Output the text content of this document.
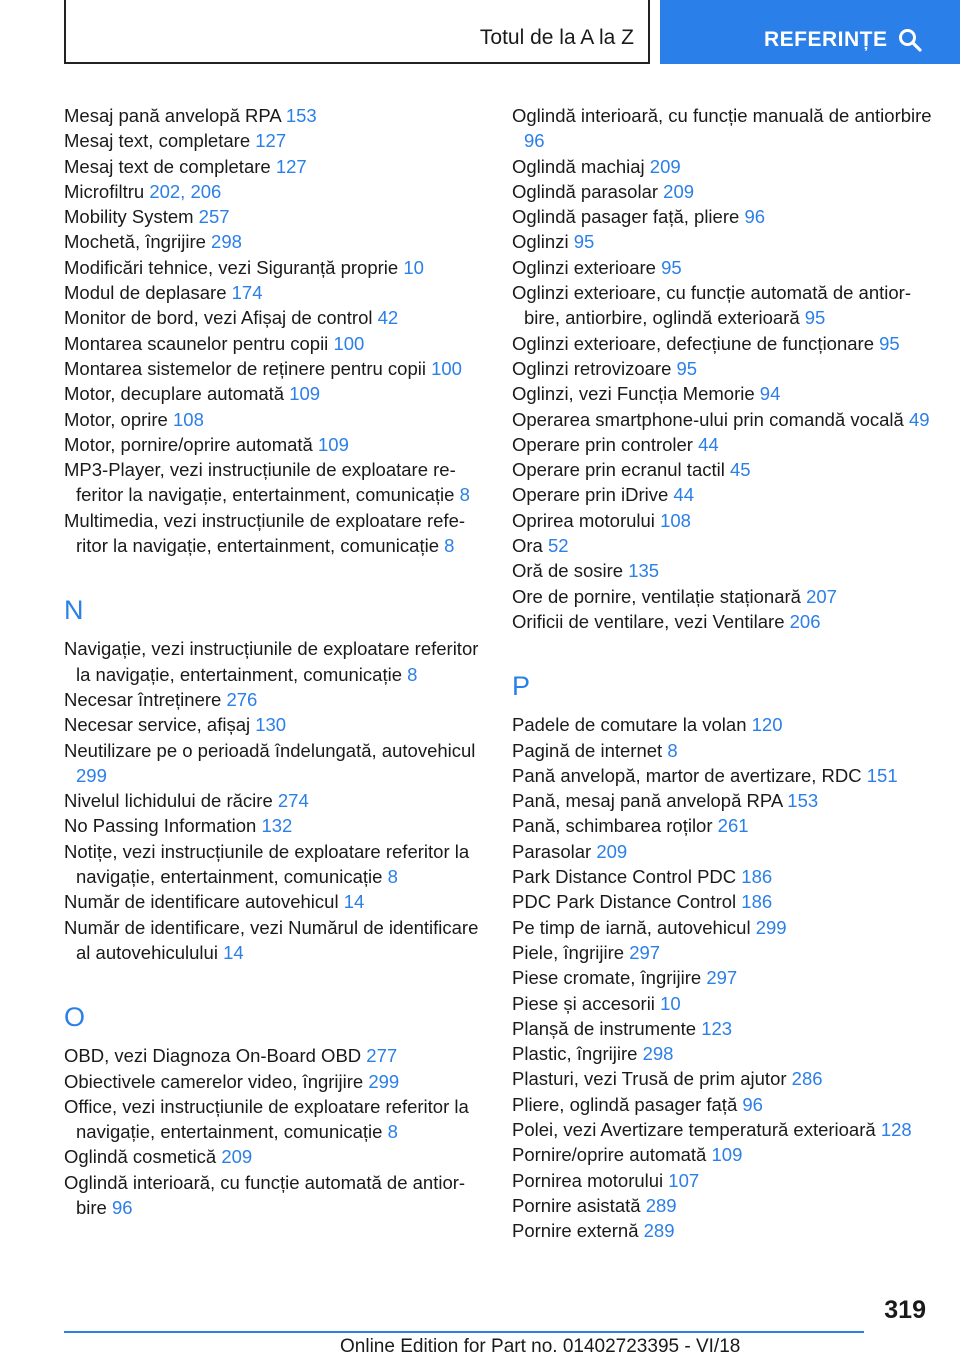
Totul de la A la Z	REFERINȚE
Mesaj pană anvelopă RPA 153
Mesaj text, completare 127
Mesaj text de completare 127
Microfiltru 202, 206
Mobility System 257
Mochetă, îngrijire 298
Modificări tehnice, vezi Siguranță proprie 10
Modul de deplasare 174
Monitor de bord, vezi Afișaj de control 42
Montarea scaunelor pentru copii 100
Montarea sistemelor de reținere pentru copii 100
Motor, decuplare automată 109
Motor, oprire 108
Motor, pornire/oprire automată 109
MP3-Player, vezi instrucțiunile de exploatare referitor la navigație, entertainment, comunicație 8
Multimedia, vezi instrucțiunile de exploatare referitor la navigație, entertainment, comunicație 8
N
Navigație, vezi instrucțiunile de exploatare referitor la navigație, entertainment, comunicație 8
Necesar întreținere 276
Necesar service, afișaj 130
Neutilizare pe o perioadă îndelungată, autovehicul 299
Nivelul lichidului de răcire 274
No Passing Information 132
Notițe, vezi instrucțiunile de exploatare referitor la navigație, entertainment, comunicație 8
Număr de identificare autovehicul 14
Număr de identificare, vezi Numărul de identificare al autovehiculului 14
O
OBD, vezi Diagnoza On-Board OBD 277
Obiectivele camerelor video, îngrijire 299
Office, vezi instrucțiunile de exploatare referitor la navigație, entertainment, comunicație 8
Oglindă cosmetică 209
Oglindă interioară, cu funcție automată de antiorbire 96
Oglindă interioară, cu funcție manuală de antiorbire 96
Oglindă machiaj 209
Oglindă parasolar 209
Oglindă pasager față, pliere 96
Oglinzi 95
Oglinzi exterioare 95
Oglinzi exterioare, cu funcție automată de antiorbire, antiorbire, oglindă exterioară 95
Oglinzi exterioare, defecțiune de funcționare 95
Oglinzi retrovizoare 95
Oglinzi, vezi Funcția Memorie 94
Operarea smartphone-ului prin comandă vocală 49
Operare prin controler 44
Operare prin ecranul tactil 45
Operare prin iDrive 44
Oprirea motorului 108
Ora 52
Oră de sosire 135
Ore de pornire, ventilație staționară 207
Orificii de ventilare, vezi Ventilare 206
P
Padele de comutare la volan 120
Pagină de internet 8
Pană anvelopă, martor de avertizare, RDC 151
Pană, mesaj pană anvelopă RPA 153
Pană, schimbarea roților 261
Parasolar 209
Park Distance Control PDC 186
PDC Park Distance Control 186
Pe timp de iarnă, autovehicul 299
Piele, îngrijire 297
Piese cromate, îngrijire 297
Piese și accesorii 10
Planșă de instrumente 123
Plastic, îngrijire 298
Plasturi, vezi Trusă de prim ajutor 286
Pliere, oglindă pasager față 96
Polei, vezi Avertizare temperatură exterioară 128
Pornire/oprire automată 109
Pornirea motorului 107
Pornire asistată 289
Pornire externă 289
319
Online Edition for Part no. 01402723395 - VI/18
